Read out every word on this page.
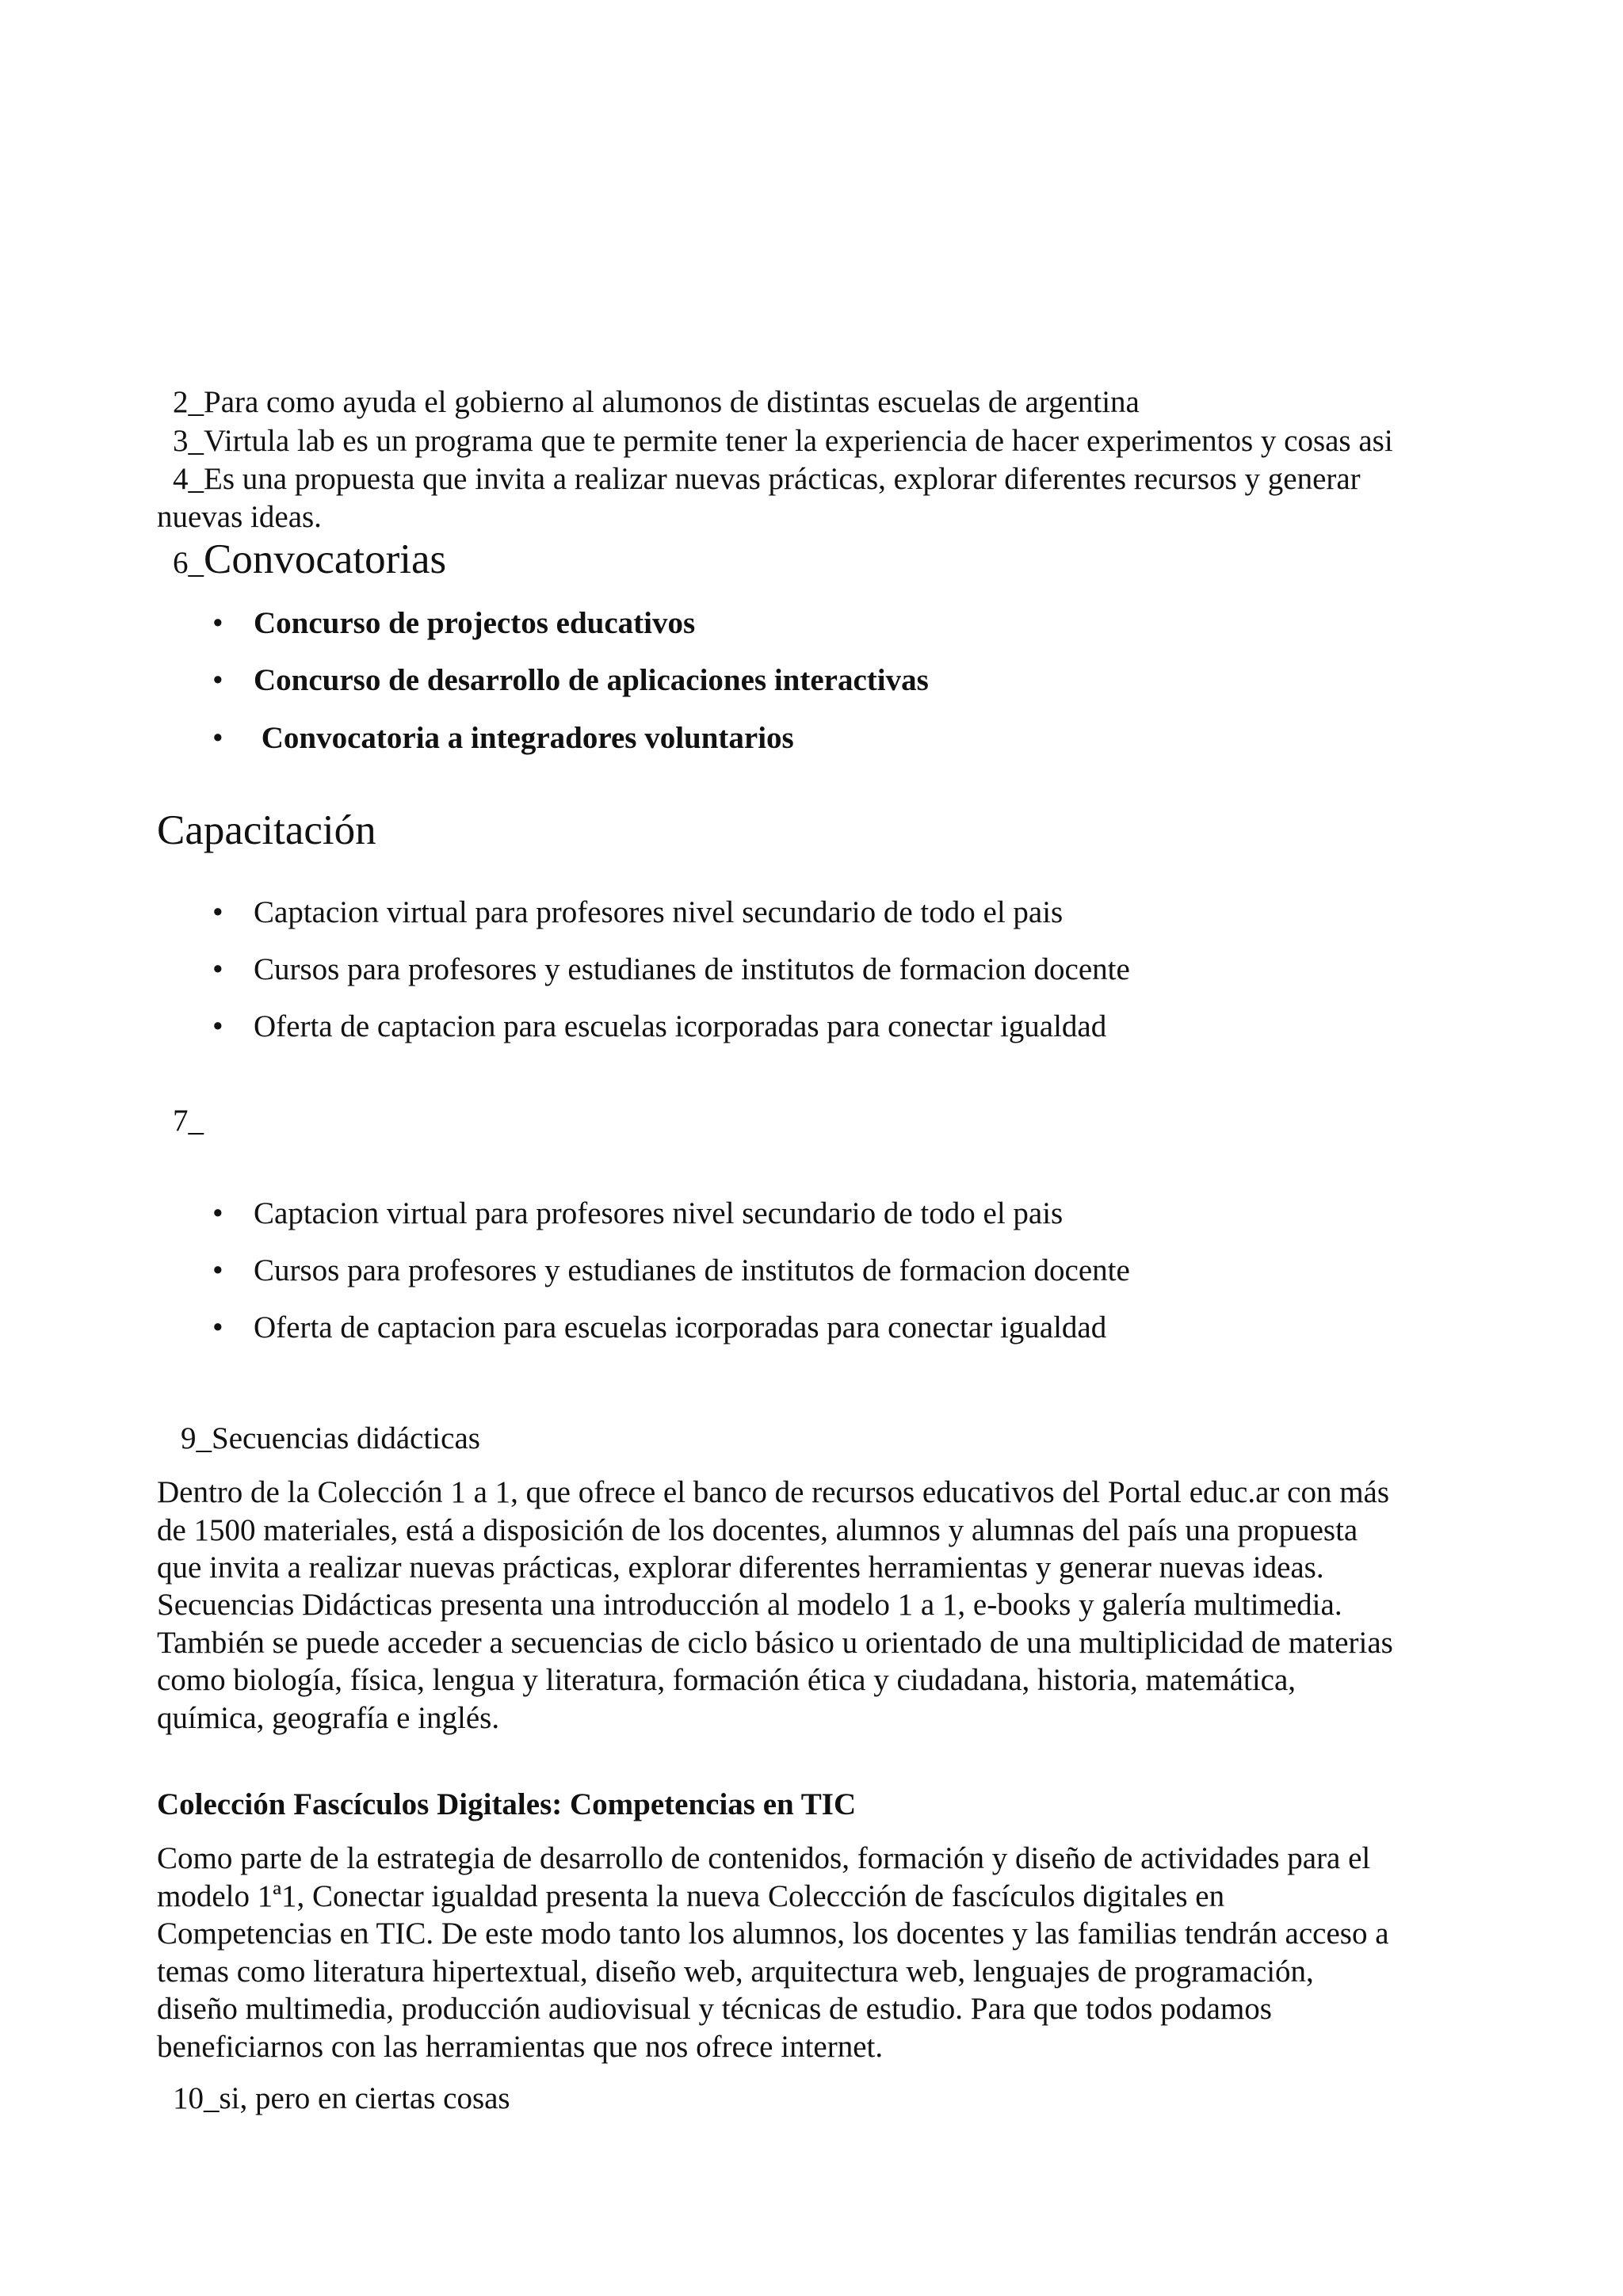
2_Para como ayuda el gobierno al alumonos de distintas escuelas de argentina

3_Virtula lab es un programa que te permite tener la experiencia de hacer experimentos y cosas asi

4_Es una propuesta que invita a realizar nuevas prácticas, explorar diferentes recursos y generar

nuevas ideas.

6_Convocatorias
• Concurso de projectos educativos

• Concurso de desarrollo de aplicaciones interactivas

• Convocatoria a integradores voluntarios

Capacitación

• Captacion virtual para profesores nivel secundario de todo el pais

• Cursos para profesores y estudianes de institutos de formacion docente

• Oferta de captacion para escuelas icorporadas para conectar igualdad

7_

• Captacion virtual para profesores nivel secundario de todo el pais

• Cursos para profesores y estudianes de institutos de formacion docente

• Oferta de captacion para escuelas icorporadas para conectar igualdad

9_Secuencias didácticas

Dentro de la Colección 1 a 1, que ofrece el banco de recursos educativos del Portal educ.ar con más

de 1500 materiales, está a disposición de los docentes, alumnos y alumnas del país una propuesta

que invita a realizar nuevas prácticas, explorar diferentes herramientas y generar nuevas ideas.

Secuencias Didácticas presenta una introducción al modelo 1 a 1, e-books y galería multimedia.

También se puede acceder a secuencias de ciclo básico u orientado de una multiplicidad de materias

como biología, física, lengua y literatura, formación ética y ciudadana, historia, matemática,

química, geografía e inglés.

Colección Fascículos Digitales: Competencias en TIC

Como parte de la estrategia de desarrollo de contenidos, formación y diseño de actividades para el

modelo 1ª1, Conectar igualdad presenta la nueva Coleccción de fascículos digitales en

Competencias en TIC. De este modo tanto los alumnos, los docentes y las familias tendrán acceso a

temas como literatura hipertextual, diseño web, arquitectura web, lenguajes de programación,

diseño multimedia, producción audiovisual y técnicas de estudio. Para que todos podamos

beneficiarnos con las herramientas que nos ofrece internet.

10_si, pero en ciertas cosas
